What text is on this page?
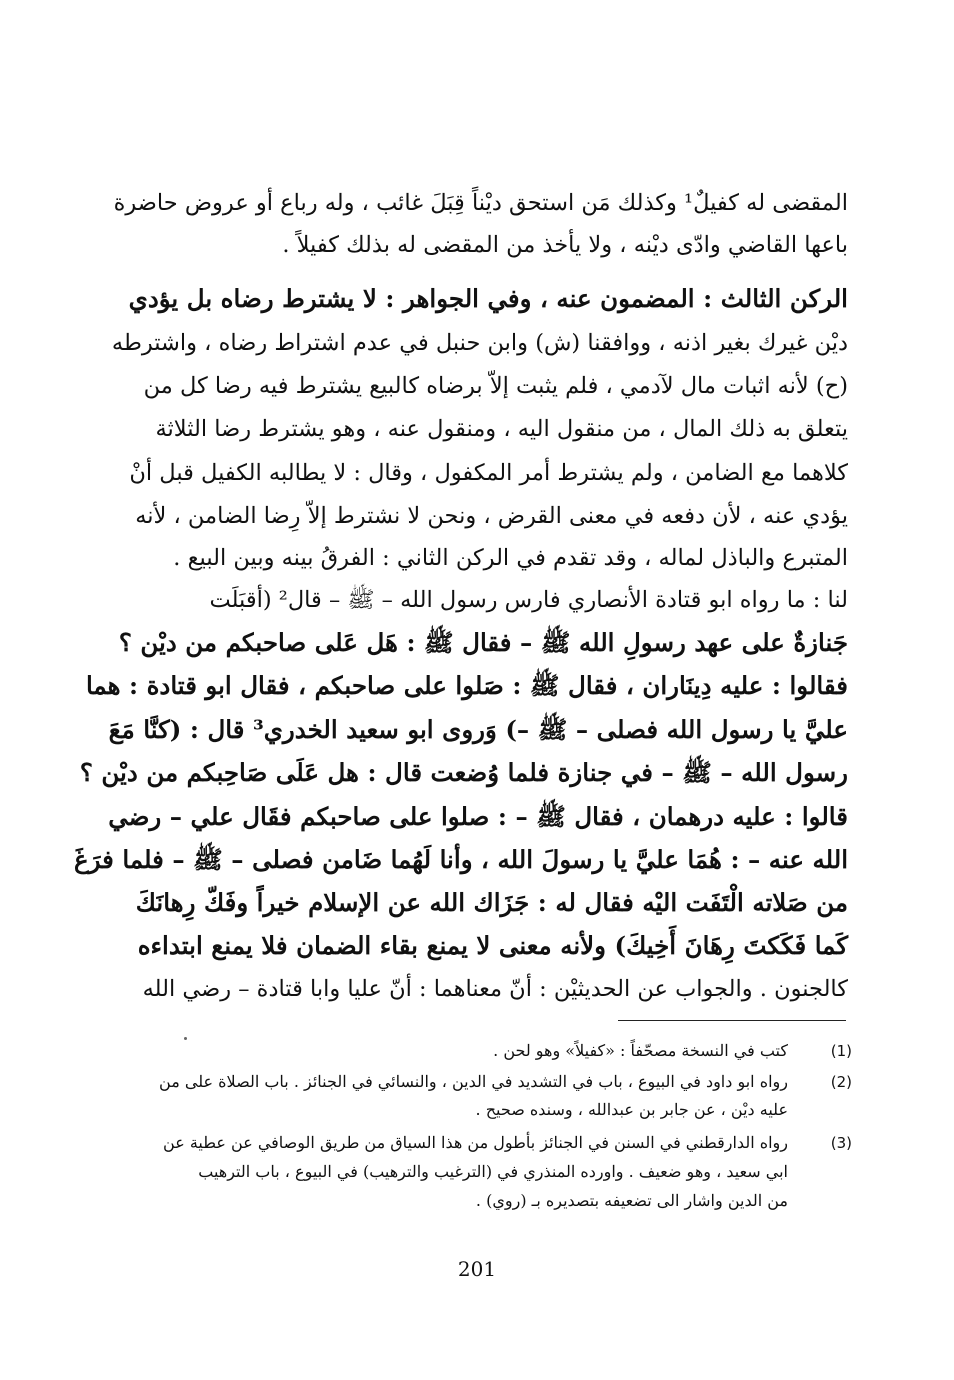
المقضى له كفيلٌ¹ وكذلك مَن استحق ديْناً قِبَلَ غائب ، وله رباع أو عروض حاضرة
باعها القاضي وادّى ديْنه ، ولا يأخذ من المقضى له بذلك كفيلاً .
الركن الثالث : المضمون عنه ، وفي الجواهر : لا يشترط رضاه بل يؤدي
ديْن غيرك بغير اذنه ، ووافقنا (ش) وابن حنبل في عدم اشتراط رضاه ، واشترطه
(ح) لأنه اثبات مال لآدمي ، فلم يثبت إلاّ برضاه كالبيع يشترط فيه رضا كل من
يتعلق به ذلك المال ، من منقول اليه ، ومنقول عنه ، وهو يشترط رضا الثلاثة
كلاهما مع الضامن ، ولم يشترط أمر المكفول ، وقال : لا يطالبه الكفيل قبل أنْ
يؤدي عنه ، لأن دفعه في معنى القرض ، ونحن لا نشترط إلاّ رِضا الضامن ، لأنه
المتبرع والباذل لماله ، وقد تقدم في الركن الثاني : الفرقُ بينه وبين البيع .
لنا : ما رواه ابو قتادة الأنصاري فارس رسول الله – ﷺ – قال² (أقبَلَت
جَنازةٌ على عهد رسولِ الله ﷺ – فقال ﷺ : هَل عَلى صاحبكم من ديْن ؟
فقالوا : عليه دِينَاران ، فقال ﷺ : صَلوا على صاحبكم ، فقال ابو قتادة : هما
عليَّ يا رسول الله فصلى – ﷺ –) وَروى ابو سعيد الخدري³ قال : (كنَّا مَعَ
رسول الله – ﷺ – في جنازة فلما وُضعت قال : هل عَلَى صَاحِبكم من ديْن ؟
قالوا : عليه درهمان ، فقال ﷺ – : صلوا على صاحبكم فقَال علي – رضي
الله عنه – : هُمَا عليَّ يا رسولَ الله ، وأنا لَهُما ضَامن فصلى – ﷺ – فلما فرَغَ
من صَلاته الْتَفَت اليْه فقال له : جَزَاك الله عن الإسلام خيراً وفَكّ رِهانَكَ
كَما فَكَكتَ رِهَانَ أَخِيكَ) ولأنه معنى لا يمنع بقاء الضمان فلا يمنع ابتداءه
كالجنون . والجواب عن الحديثيْن : أنّ معناهما : أنّ عليا وابا قتادة – رضي الله
(1)
كتب في النسخة مصحّفاً : «كفيلاً» وهو لحن .
(2)
رواه ابو داود في البيوع ، باب في التشديد في الدين ، والنسائي في الجنائز . باب الصلاة على من
عليه ديْن ، عن جابر بن عبدالله ، وسنده صحيح .
(3)
رواه الدارقطني في السنن في الجنائز بأطول من هذا السياق من طريق الوصافي عن عطية عن
ابي سعيد ، وهو ضعيف . واورده المنذري في (الترغيب والترهيب) في البيوع ، باب الترهيب
من الدين واشار الى تضعيفه بتصديره بـ (روي) .
201
